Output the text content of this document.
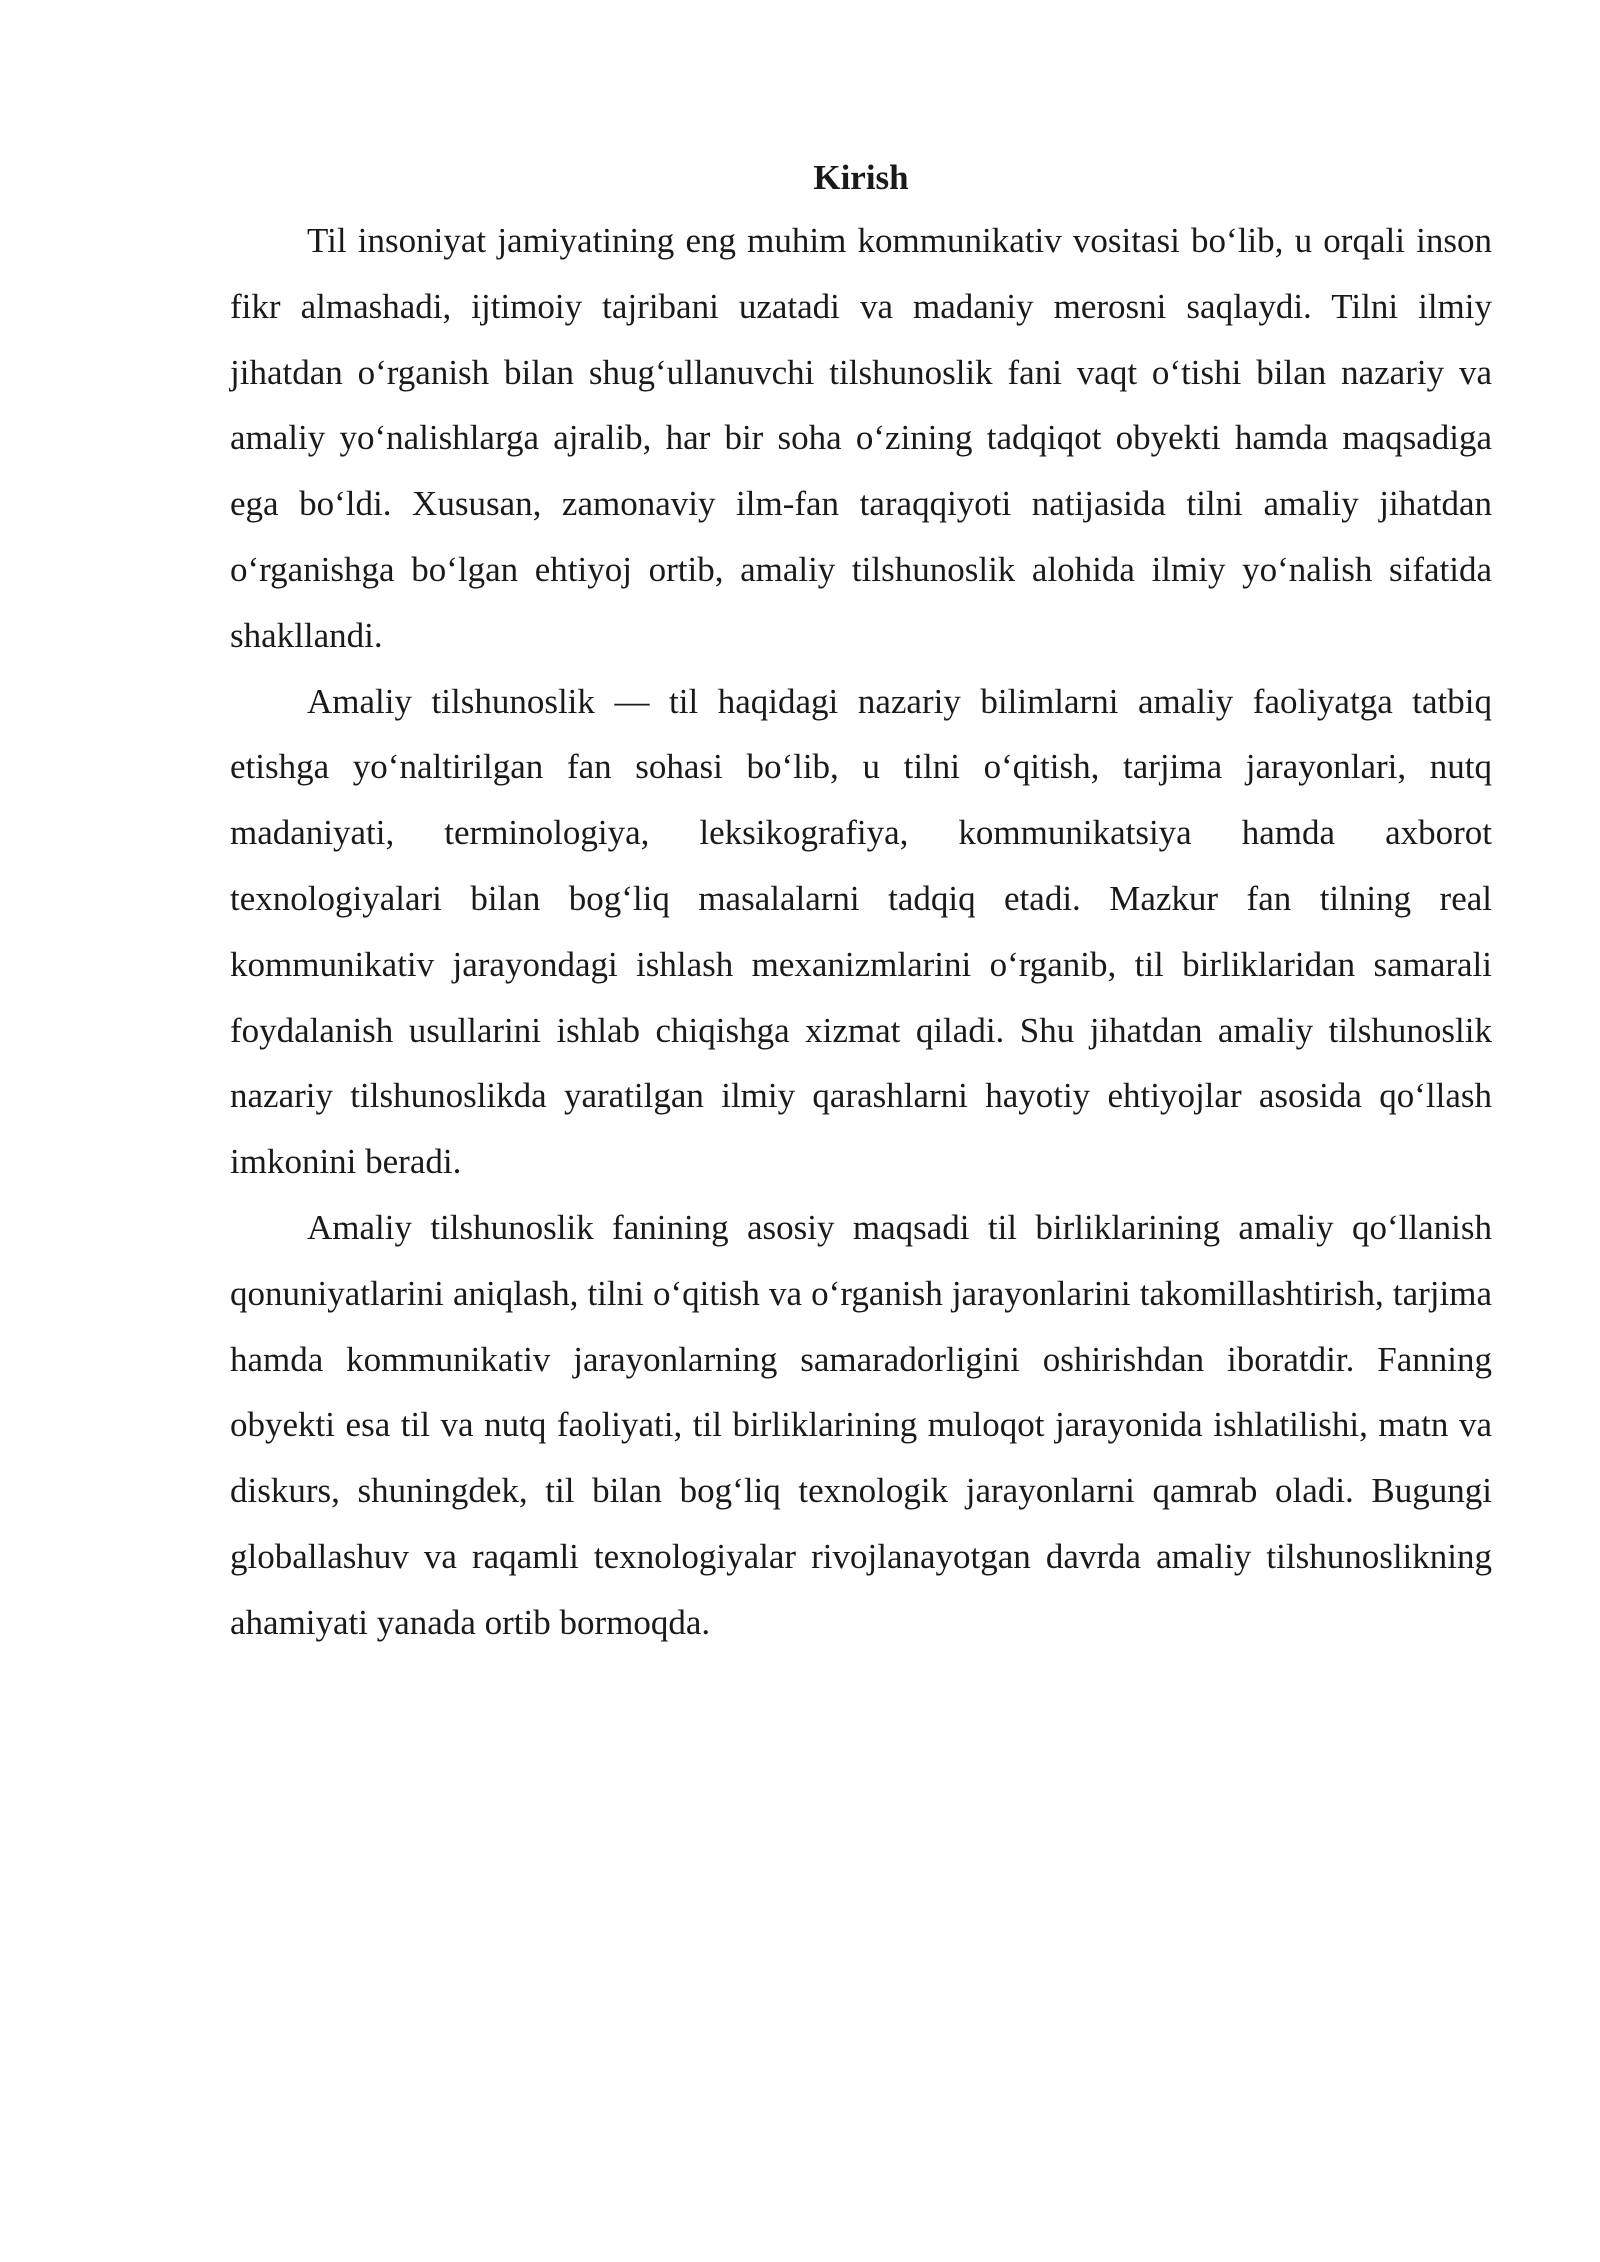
Kirish

Til insoniyat jamiyatining eng muhim kommunikativ vositasi bo‘lib, u orqali inson fikr almashadi, ijtimoiy tajribani uzatadi va madaniy merosni saqlaydi. Tilni ilmiy jihatdan o‘rganish bilan shug‘ullanuvchi tilshunoslik fani vaqt o‘tishi bilan nazariy va amaliy yo‘nalishlarga ajralib, har bir soha o‘zining tadqiqot obyekti hamda maqsadiga ega bo‘ldi. Xususan, zamonaviy ilm-fan taraqqiyoti natijasida tilni amaliy jihatdan o‘rganishga bo‘lgan ehtiyoj ortib, amaliy tilshunoslik alohida ilmiy yo‘nalish sifatida shakllandi.

Amaliy tilshunoslik — til haqidagi nazariy bilimlarni amaliy faoliyatga tatbiq etishga yo‘naltirilgan fan sohasi bo‘lib, u tilni o‘qitish, tarjima jarayonlari, nutq madaniyati, terminologiya, leksikografiya, kommunikatsiya hamda axborot texnologiyalari bilan bog‘liq masalalarni tadqiq etadi. Mazkur fan tilning real kommunikativ jarayondagi ishlash mexanizmlarini o‘rganib, til birliklaridan samarali foydalanish usullarini ishlab chiqishga xizmat qiladi. Shu jihatdan amaliy tilshunoslik nazariy tilshunoslikda yaratilgan ilmiy qarashlarni hayotiy ehtiyojlar asosida qo‘llash imkonini beradi.

Amaliy tilshunoslik fanining asosiy maqsadi til birliklarining amaliy qo‘llanish qonuniyatlarini aniqlash, tilni o‘qitish va o‘rganish jarayonlarini takomillashtirish, tarjima hamda kommunikativ jarayonlarning samaradorligini oshirishdan iboratdir. Fanning obyekti esa til va nutq faoliyati, til birliklarining muloqot jarayonida ishlatilishi, matn va diskurs, shuningdek, til bilan bog‘liq texnologik jarayonlarni qamrab oladi. Bugungi globallashuv va raqamli texnologiyalar rivojlanayotgan davrda amaliy tilshunoslikning ahamiyati yanada ortib bormoqda.
